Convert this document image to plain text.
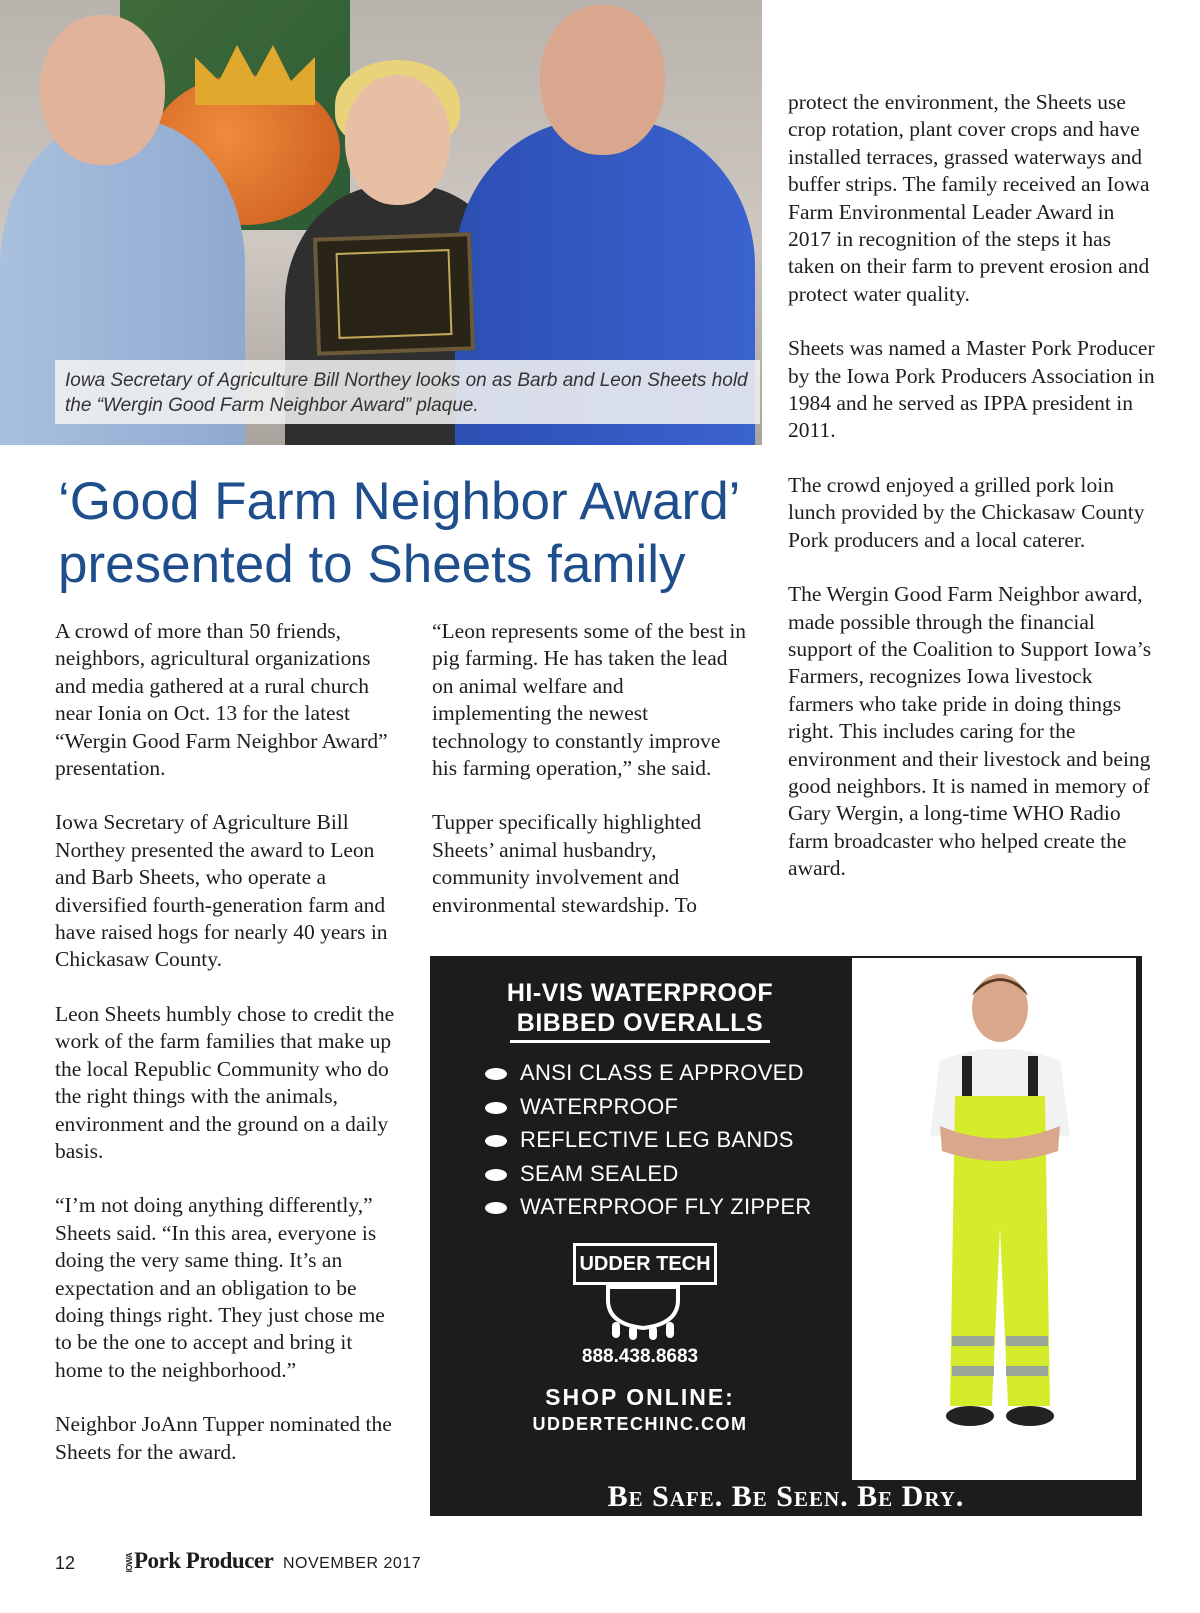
Iowa Secretary of Agriculture Bill Northey looks on as Barb and Leon Sheets hold the “Wergin Good Farm Neighbor Award” plaque.
‘Good Farm Neighbor Award’ presented to Sheets family

A crowd of more than 50 friends, neighbors, agricultural organizations and media gathered at a rural church near Ionia on Oct. 13 for the latest “Wergin Good Farm Neighbor Award” presentation.

Iowa Secretary of Agriculture Bill Northey presented the award to Leon and Barb Sheets, who operate a diversified fourth-generation farm and have raised hogs for nearly 40 years in Chickasaw County.

Leon Sheets humbly chose to credit the work of the farm families that make up the local Republic Community who do the right things with the animals, environment and the ground on a daily basis.

“I’m not doing anything differently,” Sheets said. “In this area, everyone is doing the very same thing. It’s an expectation and an obligation to be doing things right. They just chose me to be the one to accept and bring it home to the neighborhood.”

Neighbor JoAnn Tupper nominated the Sheets for the award.

“Leon represents some of the best in pig farming. He has taken the lead on animal welfare and implementing the newest technology to constantly improve his farming operation,” she said.

Tupper specifically highlighted Sheets’ animal husbandry, community involvement and environmental stewardship. To

protect the environment, the Sheets use crop rotation, plant cover crops and have installed terraces, grassed waterways and buffer strips. The family received an Iowa Farm Environmental Leader Award in 2017 in recognition of the steps it has taken on their farm to prevent erosion and protect water quality.

Sheets was named a Master Pork Producer by the Iowa Pork Producers Association in 1984 and he served as IPPA president in 2011.

The crowd enjoyed a grilled pork loin lunch provided by the Chickasaw County Pork producers and a local caterer.

The Wergin Good Farm Neighbor award, made possible through the financial support of the Coalition to Support Iowa’s Farmers, recognizes Iowa livestock farmers who take pride in doing things right. This includes caring for the environment and their livestock and being good neighbors. It is named in memory of Gary Wergin, a long-time WHO Radio farm broadcaster who helped create the award.

HI-VIS WATERPROOF
BIBBED OVERALLS
ANSI CLASS E APPROVED
WATERPROOF
REFLECTIVE LEG BANDS
SEAM SEALED
WATERPROOF FLY ZIPPER
UDDER TECH
888.438.8683
SHOP ONLINE:
UDDERTECHINC.COM
Be Safe. Be Seen. Be Dry.
12	IOWAPork Producer NOVEMBER 2017
